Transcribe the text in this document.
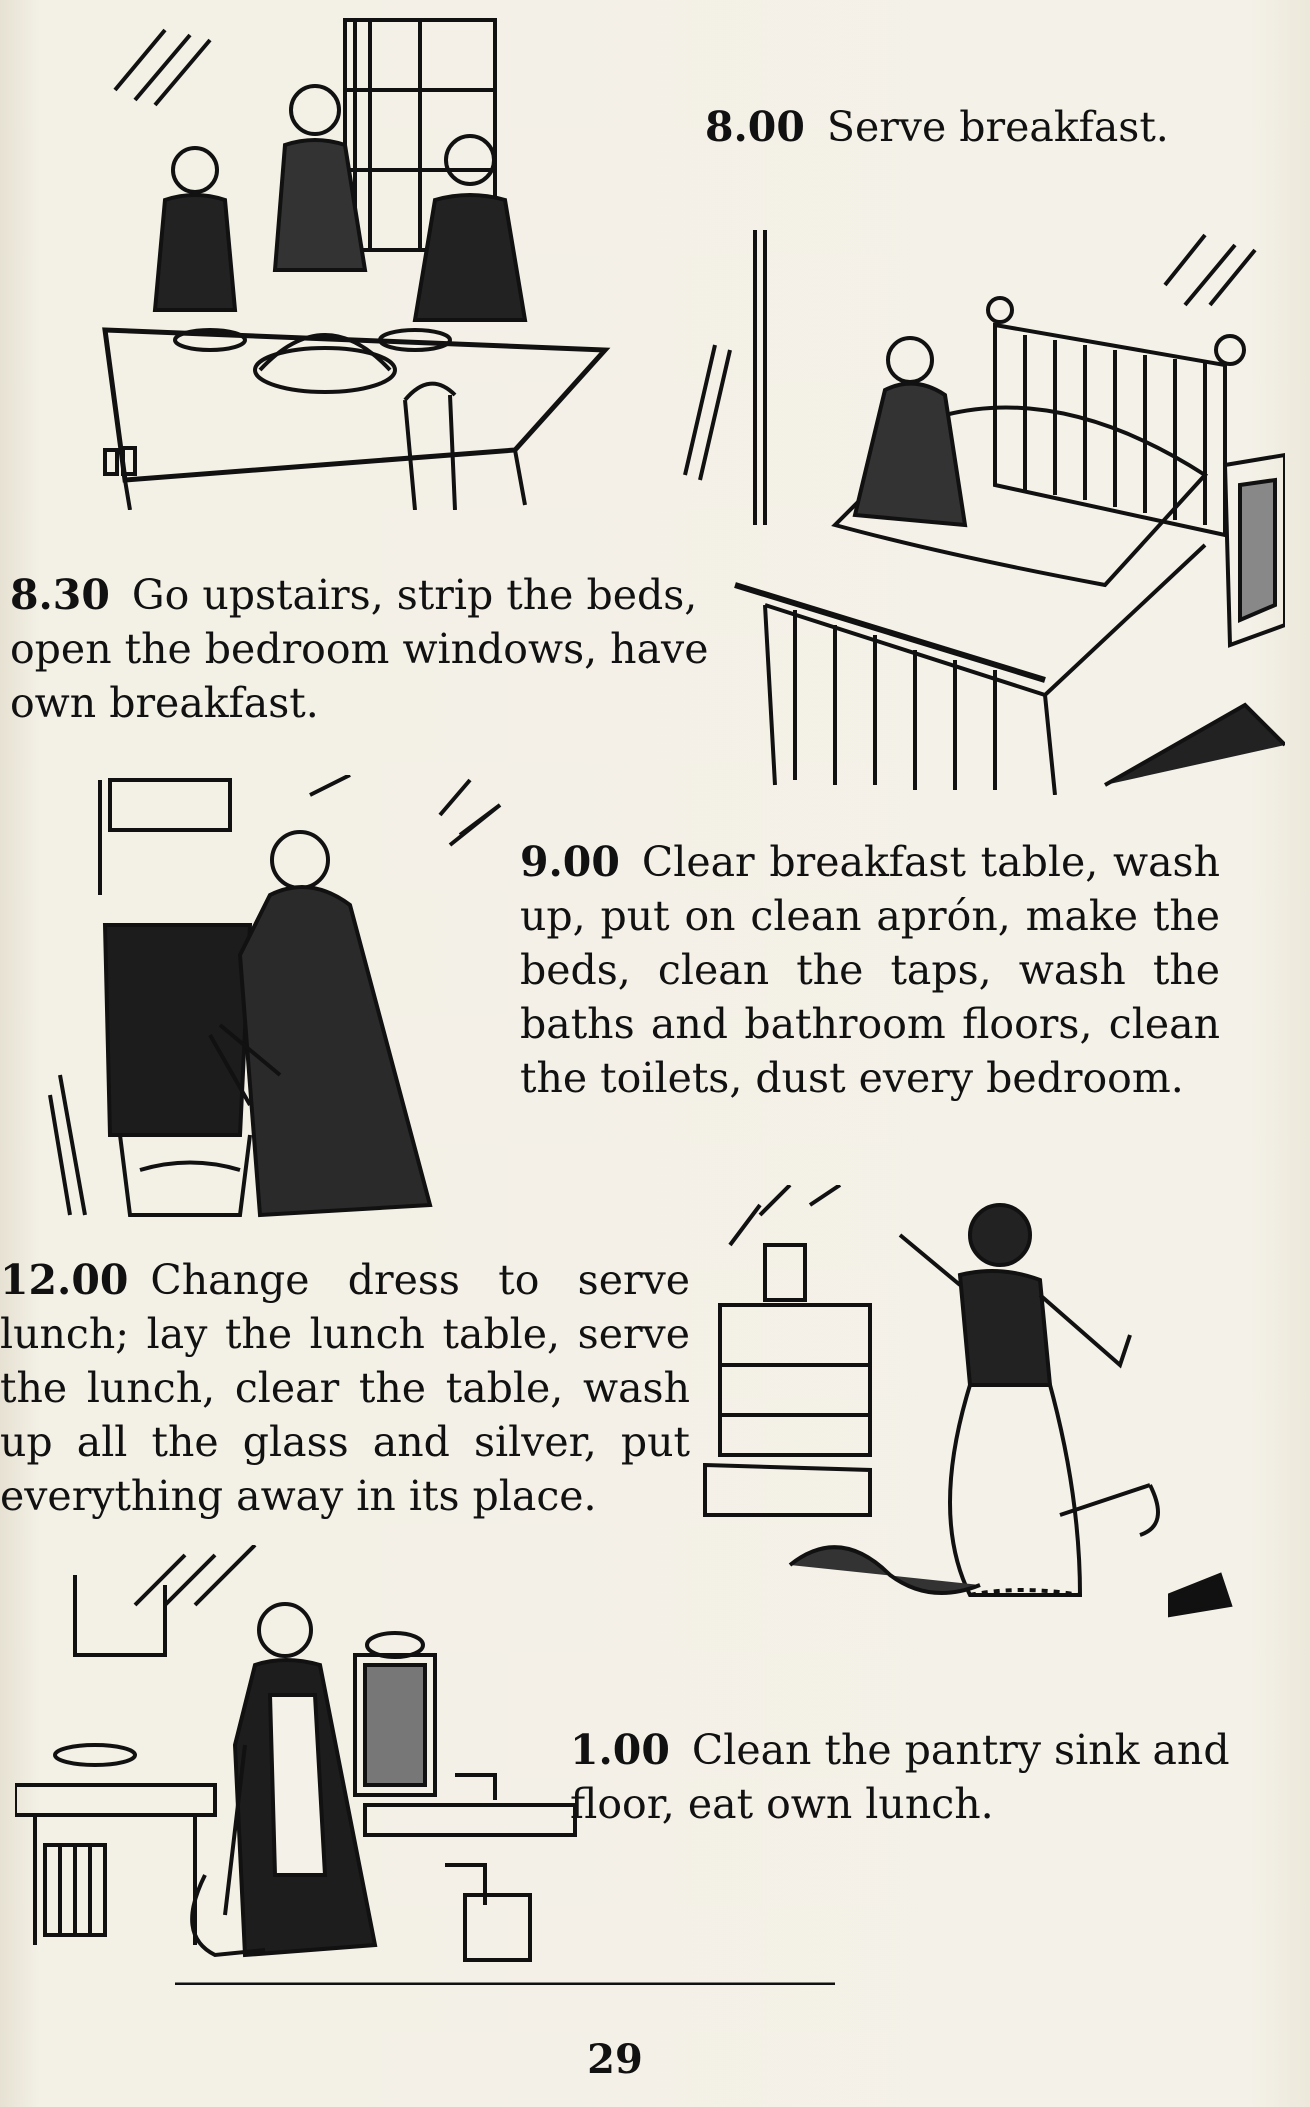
8.00 Serve breakfast.
8.30 Go upstairs, strip the beds, open the bedroom windows, have own breakfast.
9.00 Clear breakfast table, wash up, put on clean aprón, make the beds, clean the taps, wash the baths and bathroom floors, clean the toilets, dust every bedroom.
12.00 Change dress to serve lunch; lay the lunch table, serve the lunch, clear the table, wash up all the glass and silver, put everything away in its place.
1.00 Clean the pantry sink and floor, eat own lunch.
29
